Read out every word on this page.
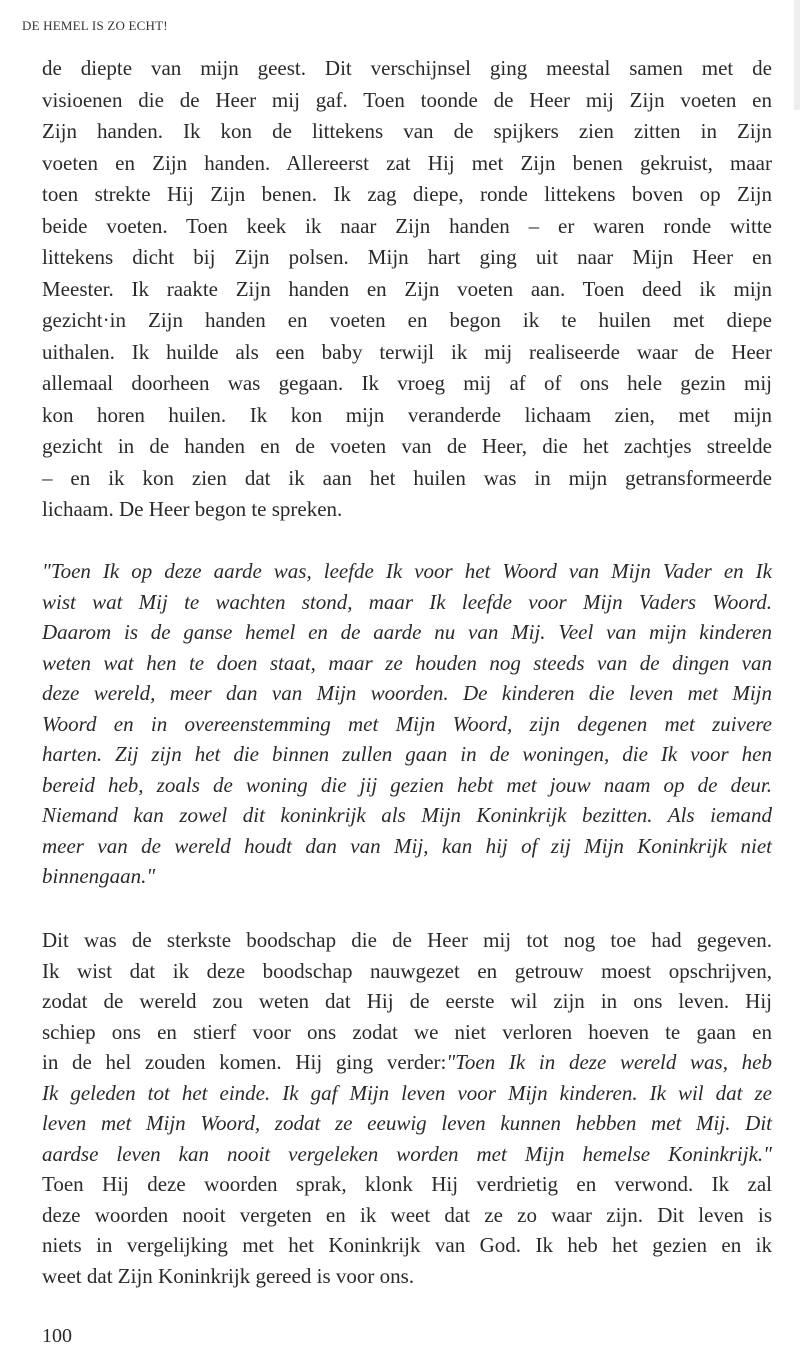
DE HEMEL IS ZO ECHT!
de diepte van mijn geest. Dit verschijnsel ging meestal samen met de
visioenen die de Heer mij gaf. Toen toonde de Heer mij Zijn voeten en
Zijn handen. Ik kon de littekens van de spijkers zien zitten in Zijn
voeten en Zijn handen. Allereerst zat Hij met Zijn benen gekruist, maar
toen strekte Hij Zijn benen. Ik zag diepe, ronde littekens boven op Zijn
beide voeten. Toen keek ik naar Zijn handen – er waren ronde witte
littekens dicht bij Zijn polsen. Mijn hart ging uit naar Mijn Heer en
Meester. Ik raakte Zijn handen en Zijn voeten aan. Toen deed ik mijn
gezicht·in Zijn handen en voeten en begon ik te huilen met diepe
uithalen. Ik huilde als een baby terwijl ik mij realiseerde waar de Heer
allemaal doorheen was gegaan. Ik vroeg mij af of ons hele gezin mij
kon horen huilen. Ik kon mijn veranderde lichaam zien, met mijn
gezicht in de handen en de voeten van de Heer, die het zachtjes streelde
– en ik kon zien dat ik aan het huilen was in mijn getransformeerde
lichaam. De Heer begon te spreken.
"Toen Ik op deze aarde was, leefde Ik voor het Woord van Mijn Vader en Ik
wist wat Mij te wachten stond, maar Ik leefde voor Mijn Vaders Woord.
Daarom is de ganse hemel en de aarde nu van Mij. Veel van mijn kinderen
weten wat hen te doen staat, maar ze houden nog steeds van de dingen van
deze wereld, meer dan van Mijn woorden. De kinderen die leven met Mijn
Woord en in overeenstemming met Mijn Woord, zijn degenen met zuivere
harten. Zij zijn het die binnen zullen gaan in de woningen, die Ik voor hen
bereid heb, zoals de woning die jij gezien hebt met jouw naam op de deur.
Niemand kan zowel dit koninkrijk als Mijn Koninkrijk bezitten. Als iemand
meer van de wereld houdt dan van Mij, kan hij of zij Mijn Koninkrijk niet
binnengaan."
Dit was de sterkste boodschap die de Heer mij tot nog toe had gegeven.
Ik wist dat ik deze boodschap nauwgezet en getrouw moest opschrijven,
zodat de wereld zou weten dat Hij de eerste wil zijn in ons leven. Hij
schiep ons en stierf voor ons zodat we niet verloren hoeven te gaan en
in de hel zouden komen. Hij ging verder:"Toen Ik in deze wereld was, heb
Ik geleden tot het einde. Ik gaf Mijn leven voor Mijn kinderen. Ik wil dat ze
leven met Mijn Woord, zodat ze eeuwig leven kunnen hebben met Mij. Dit
aardse leven kan nooit vergeleken worden met Mijn hemelse Koninkrijk."
Toen Hij deze woorden sprak, klonk Hij verdrietig en verwond. Ik zal
deze woorden nooit vergeten en ik weet dat ze zo waar zijn. Dit leven is
niets in vergelijking met het Koninkrijk van God. Ik heb het gezien en ik
weet dat Zijn Koninkrijk gereed is voor ons.
100
